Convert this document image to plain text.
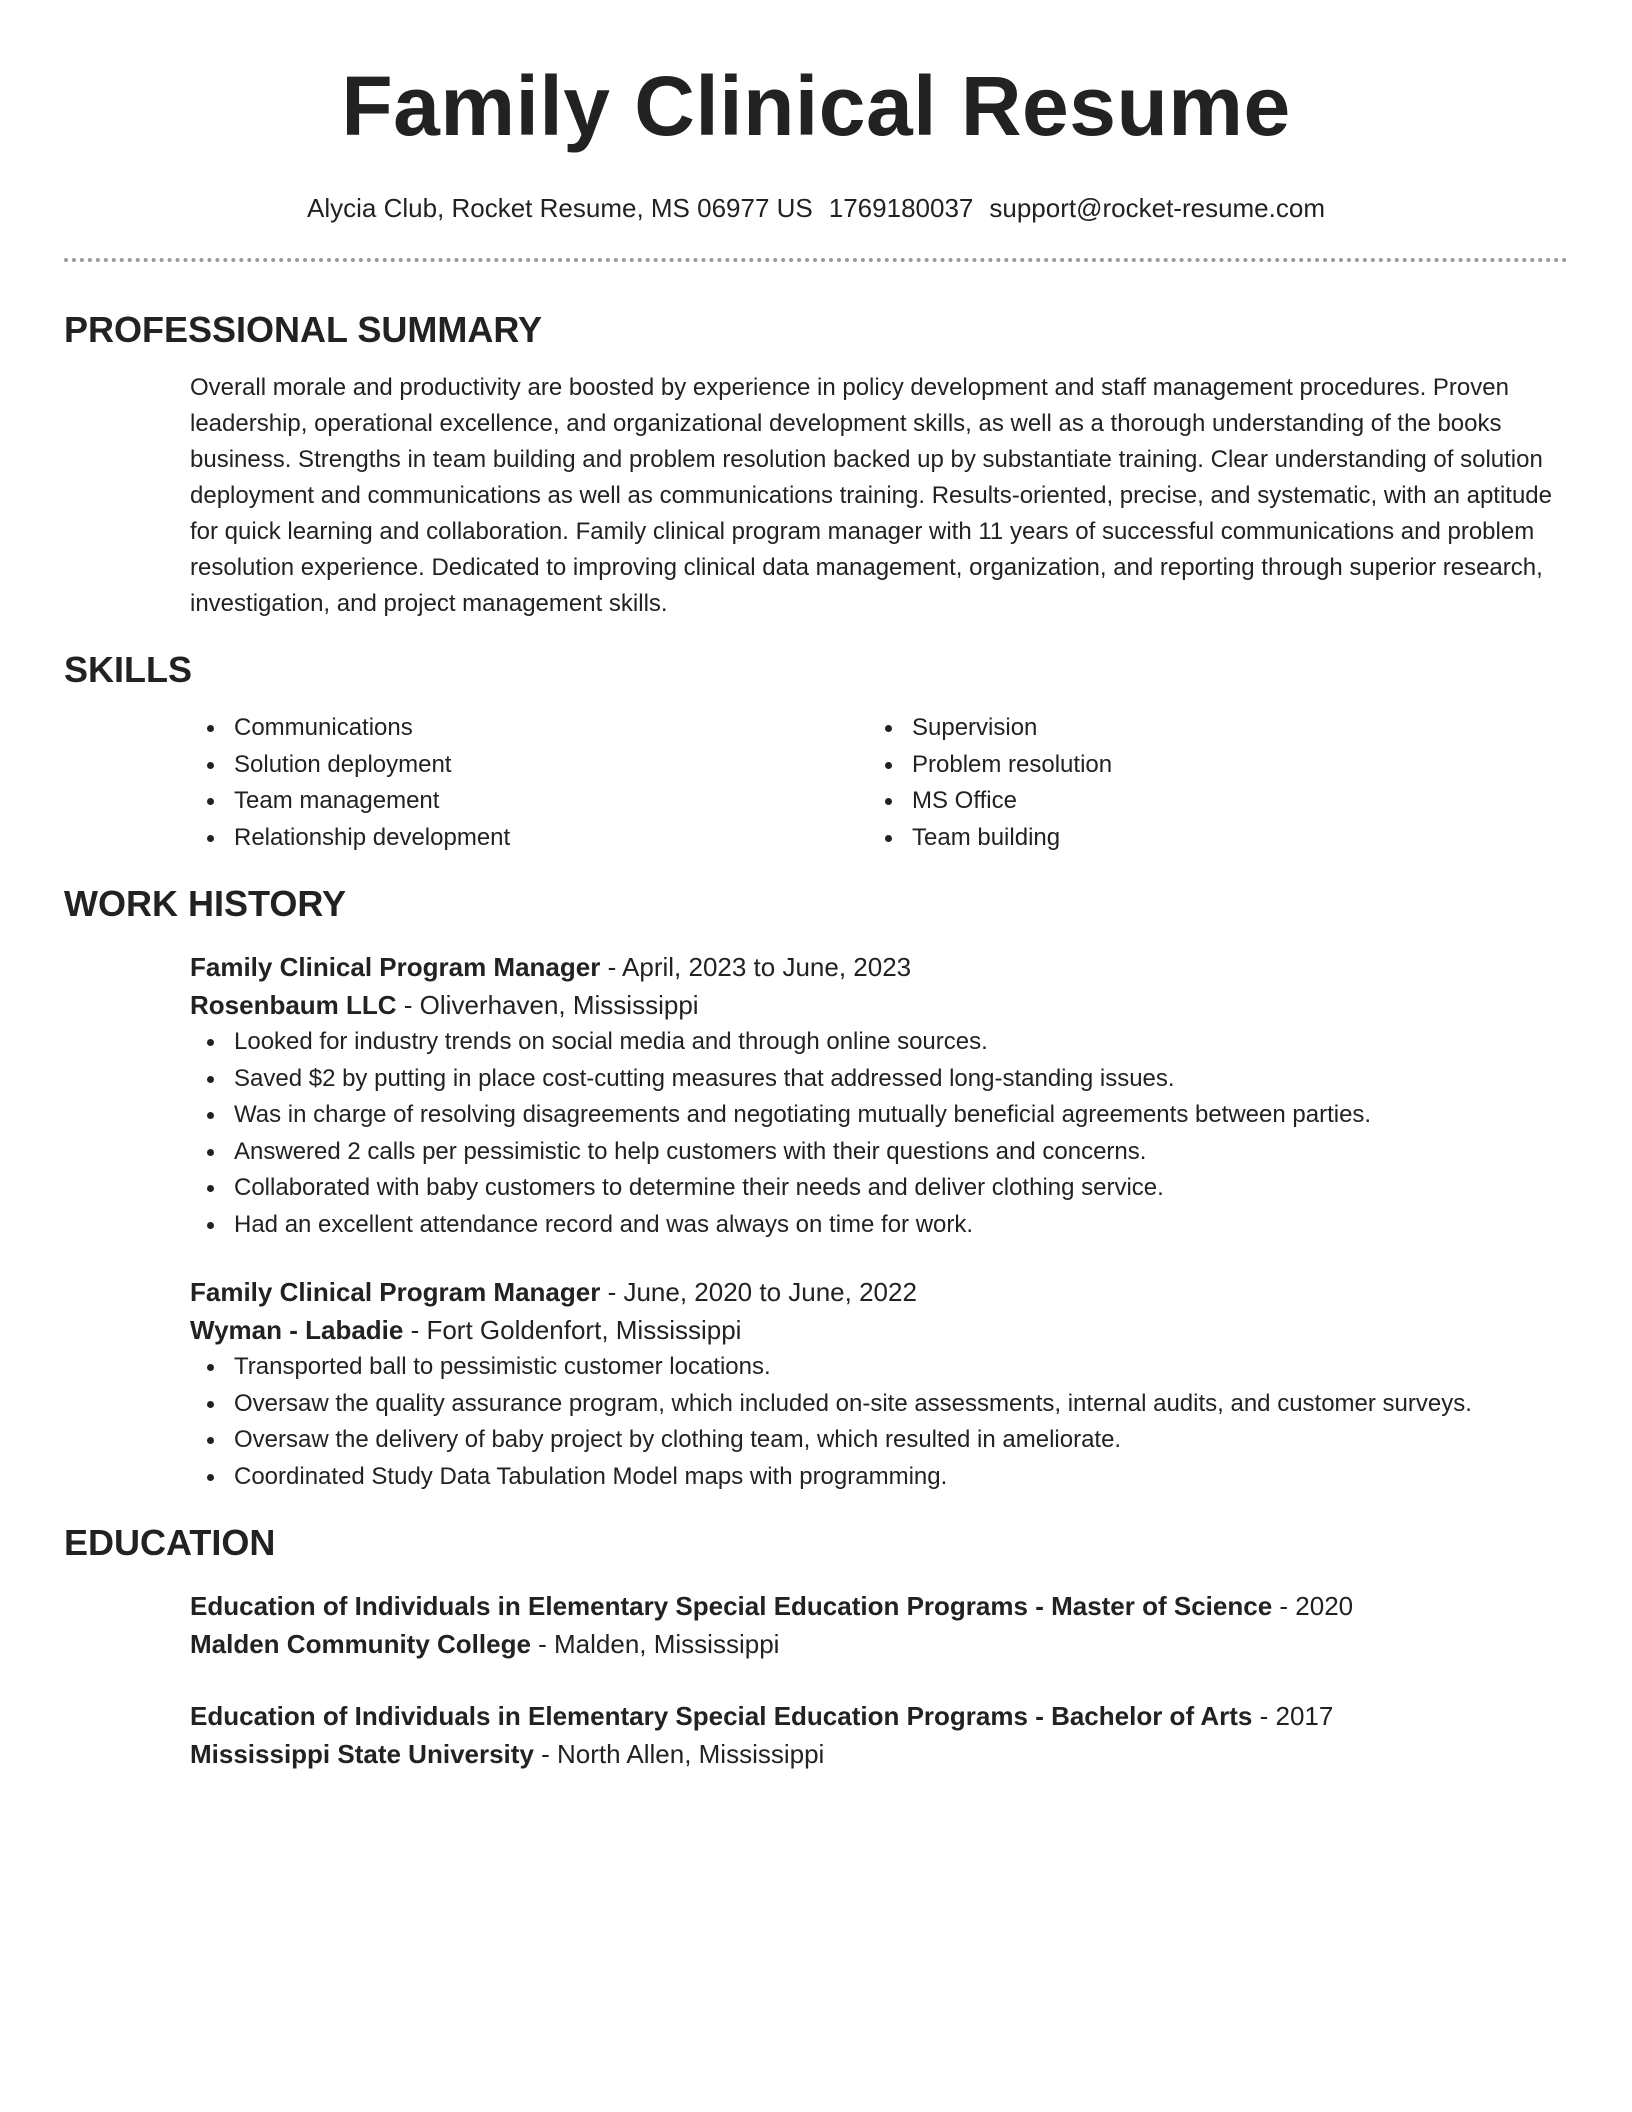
Family Clinical Resume
Alycia Club, Rocket Resume, MS 06977 US 1769180037 support@rocket-resume.com
PROFESSIONAL SUMMARY

Overall morale and productivity are boosted by experience in policy development and staff management procedures. Proven leadership, operational excellence, and organizational development skills, as well as a thorough understanding of the books business. Strengths in team building and problem resolution backed up by substantiate training. Clear understanding of solution deployment and communications as well as communications training. Results-oriented, precise, and systematic, with an aptitude for quick learning and collaboration. Family clinical program manager with 11 years of successful communications and problem resolution experience. Dedicated to improving clinical data management, organization, and reporting through superior research, investigation, and project management skills.

SKILLS
Communications
Solution deployment
Team management
Relationship development
Supervision
Problem resolution
MS Office
Team building
WORK HISTORY
Family Clinical Program Manager - April, 2023 to June, 2023
Rosenbaum LLC - Oliverhaven, Mississippi
Looked for industry trends on social media and through online sources.
Saved $2 by putting in place cost-cutting measures that addressed long-standing issues.
Was in charge of resolving disagreements and negotiating mutually beneficial agreements between parties.
Answered 2 calls per pessimistic to help customers with their questions and concerns.
Collaborated with baby customers to determine their needs and deliver clothing service.
Had an excellent attendance record and was always on time for work.
Family Clinical Program Manager - June, 2020 to June, 2022
Wyman - Labadie - Fort Goldenfort, Mississippi
Transported ball to pessimistic customer locations.
Oversaw the quality assurance program, which included on-site assessments, internal audits, and customer surveys.
Oversaw the delivery of baby project by clothing team, which resulted in ameliorate.
Coordinated Study Data Tabulation Model maps with programming.
EDUCATION
Education of Individuals in Elementary Special Education Programs - Master of Science - 2020
Malden Community College - Malden, Mississippi
Education of Individuals in Elementary Special Education Programs - Bachelor of Arts - 2017
Mississippi State University - North Allen, Mississippi
